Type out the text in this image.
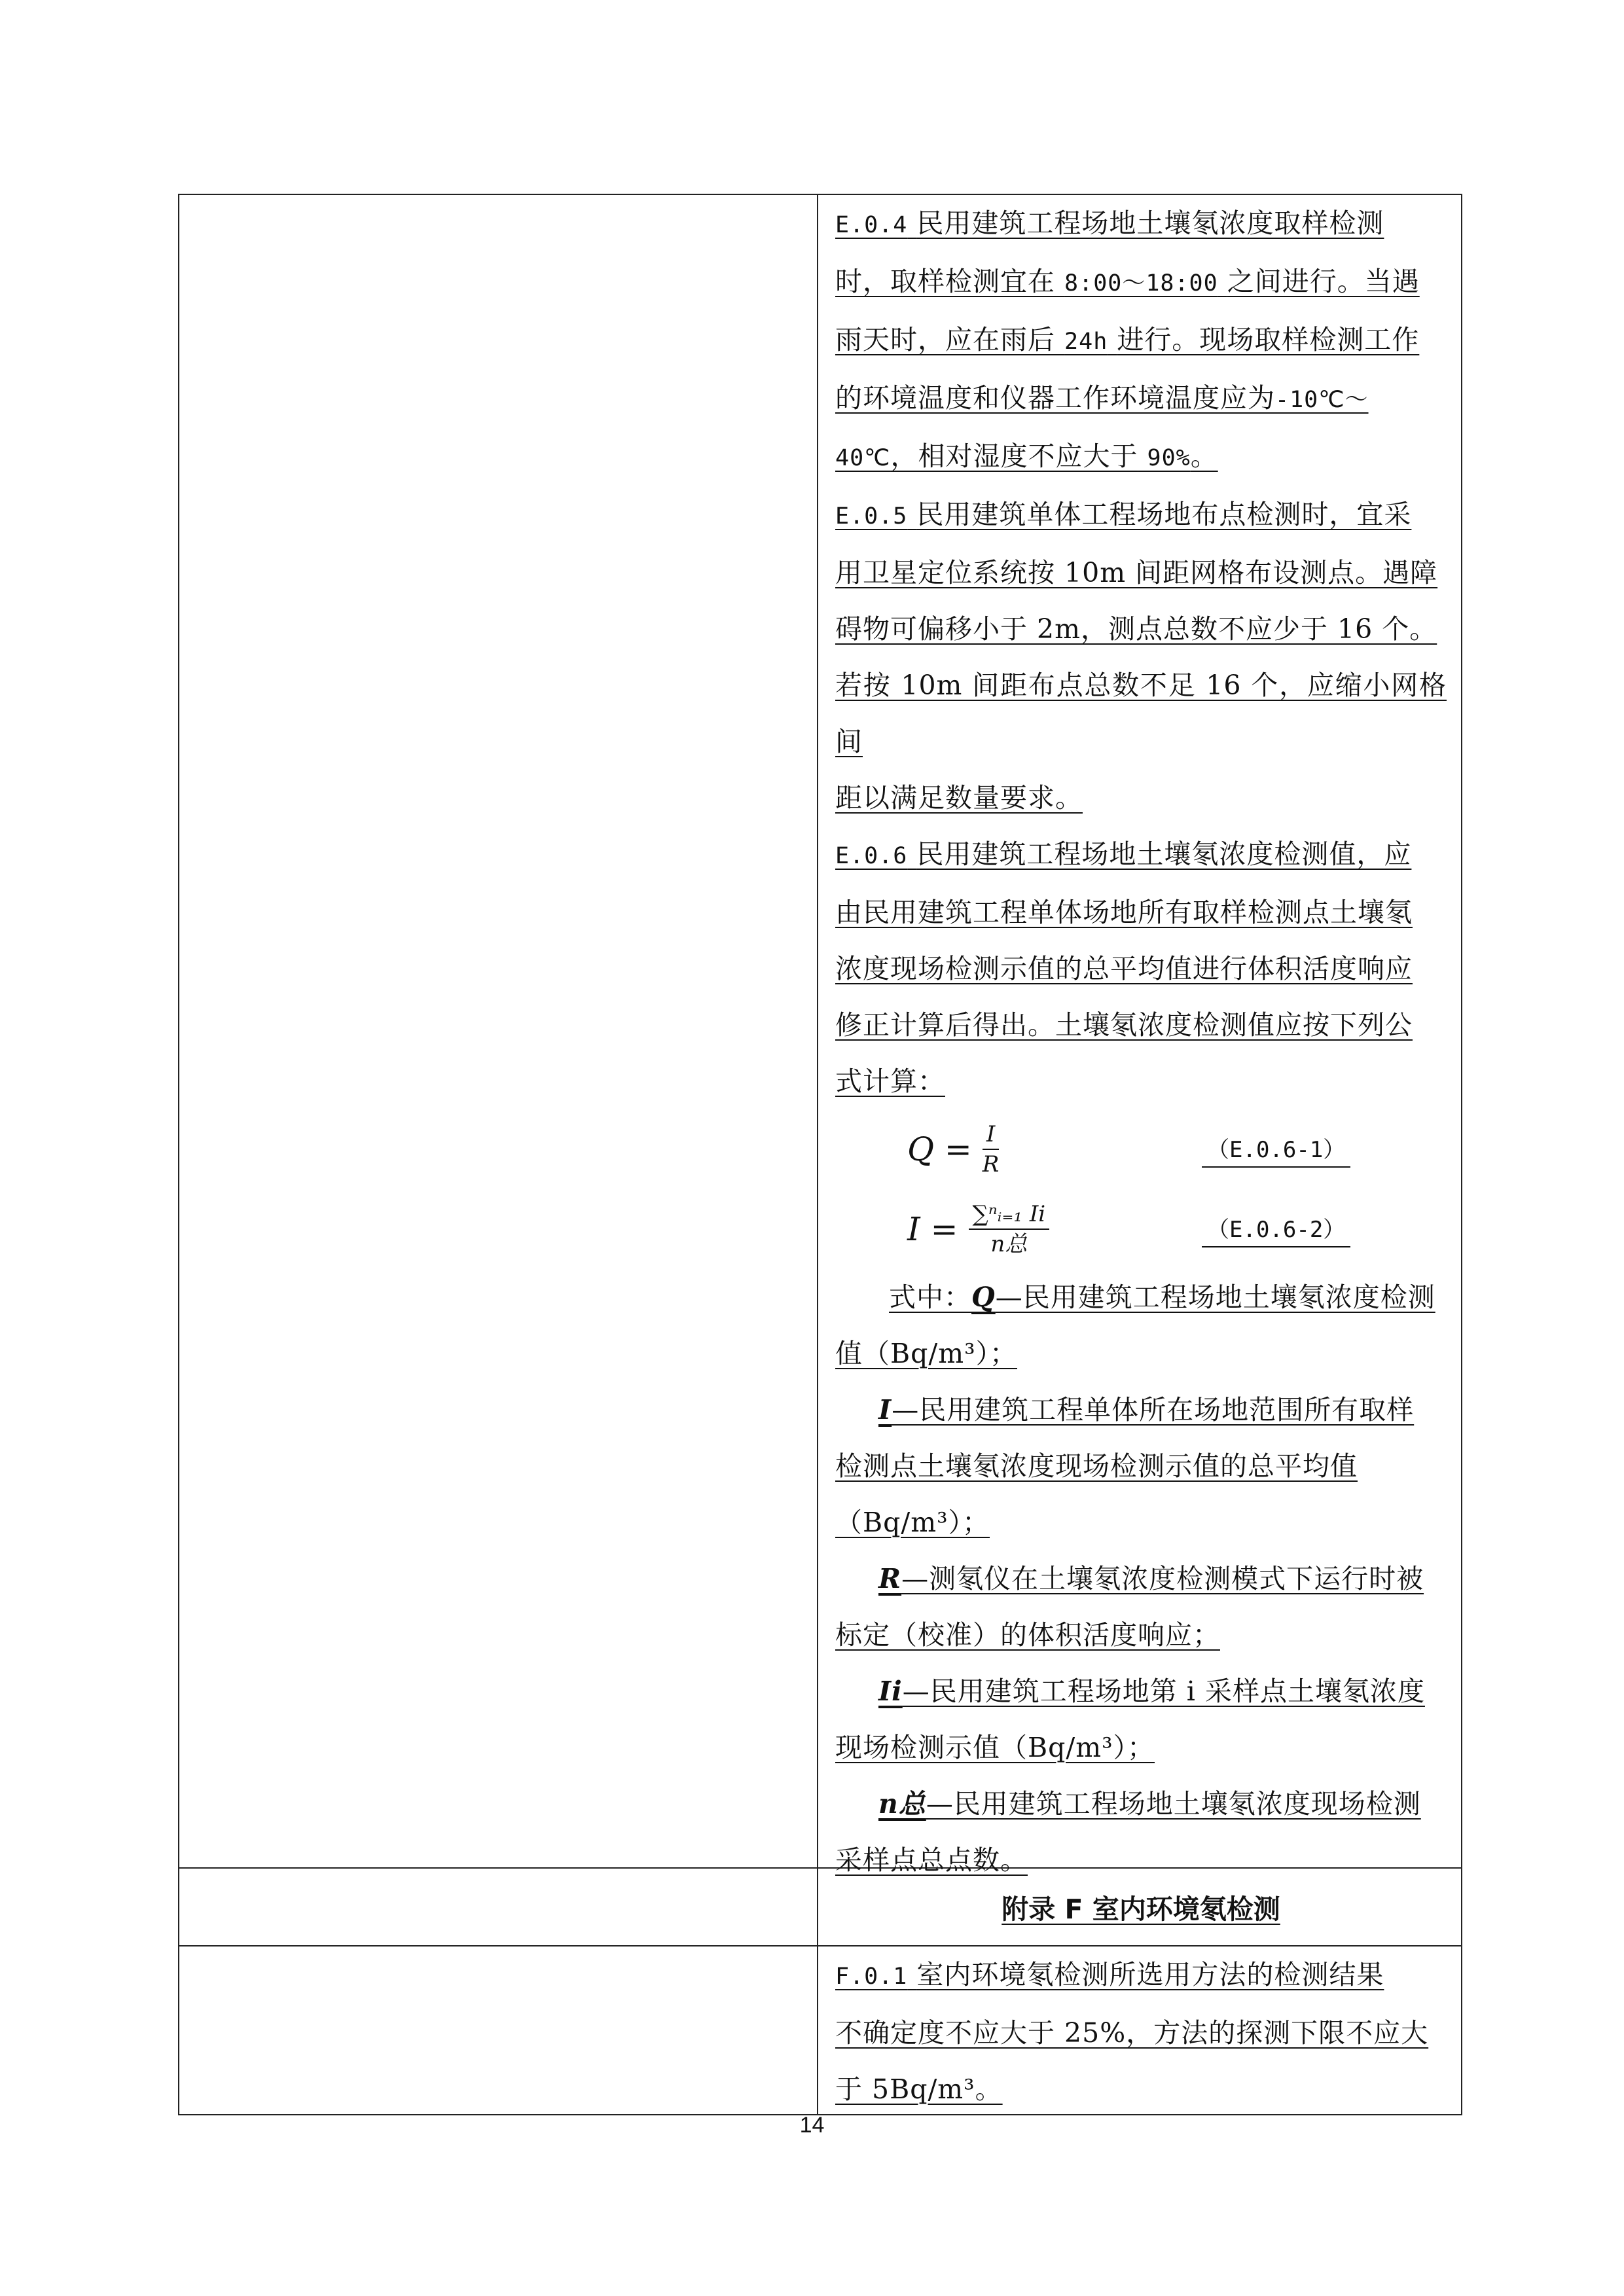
E.0.4 民用建筑工程场地土壤氡浓度取样检测
时，取样检测宜在 8:00～18:00 之间进行。当遇
雨天时，应在雨后 24h 进行。现场取样检测工作
的环境温度和仪器工作环境温度应为-10℃～
40℃，相对湿度不应大于 90%。
E.0.5 民用建筑单体工程场地布点检测时，宜采
用卫星定位系统按 10m 间距网格布设测点。遇障
碍物可偏移小于 2m，测点总数不应少于 16 个。
若按 10m 间距布点总数不足 16 个，应缩小网格间
距以满足数量要求。
E.0.6 民用建筑工程场地土壤氡浓度检测值，应
由民用建筑工程单体场地所有取样检测点土壤氡
浓度现场检测示值的总平均值进行体积活度响应
修正计算后得出。土壤氡浓度检测值应按下列公
式计算：
$Q = \frac{I}{R}$	（E.0.6-1）
$I = \frac{\text{∑ⁿᵢ₌₁ Ii}}{\text{n总}}$	（E.0.6-2）
式中：Q—民用建筑工程场地土壤氡浓度检测
值（Bq/m³）；
I—民用建筑工程单体所在场地范围所有取样
检测点土壤氡浓度现场检测示值的总平均值
（Bq/m³）；
R—测氡仪在土壤氡浓度检测模式下运行时被
标定（校准）的体积活度响应；
Ii—民用建筑工程场地第 i 采样点土壤氡浓度
现场检测示值（Bq/m³）；
n总—民用建筑工程场地土壤氡浓度现场检测
采样点总点数。
附录 F 室内环境氡检测
F.0.1 室内环境氡检测所选用方法的检测结果
不确定度不应大于 25%，方法的探测下限不应大
于 5Bq/m³。
14
